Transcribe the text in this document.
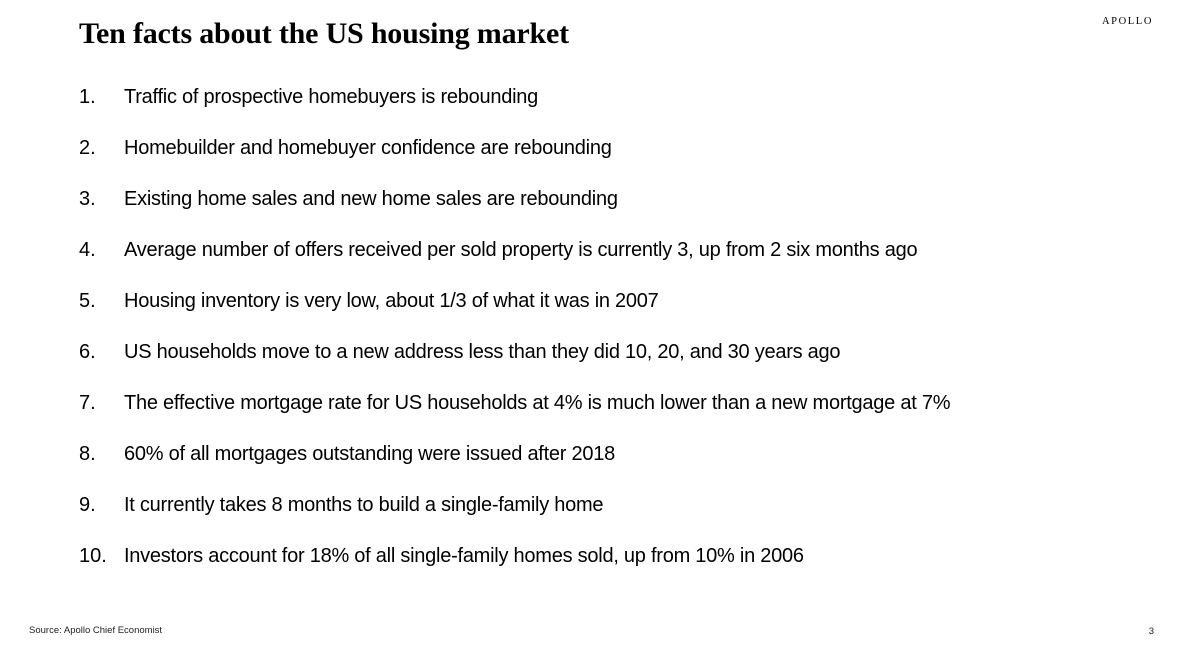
Ten facts about the US housing market	APOLLO
1. Traffic of prospective homebuyers is rebounding
2. Homebuilder and homebuyer confidence are rebounding
3. Existing home sales and new home sales are rebounding
4. Average number of offers received per sold property is currently 3, up from 2 six months ago
5. Housing inventory is very low, about 1/3 of what it was in 2007
6. US households move to a new address less than they did 10, 20, and 30 years ago
7. The effective mortgage rate for US households at 4% is much lower than a new mortgage at 7%
8. 60% of all mortgages outstanding were issued after 2018
9. It currently takes 8 months to build a single-family home
10. Investors account for 18% of all single-family homes sold, up from 10% in 2006
Source: Apollo Chief Economist	3
